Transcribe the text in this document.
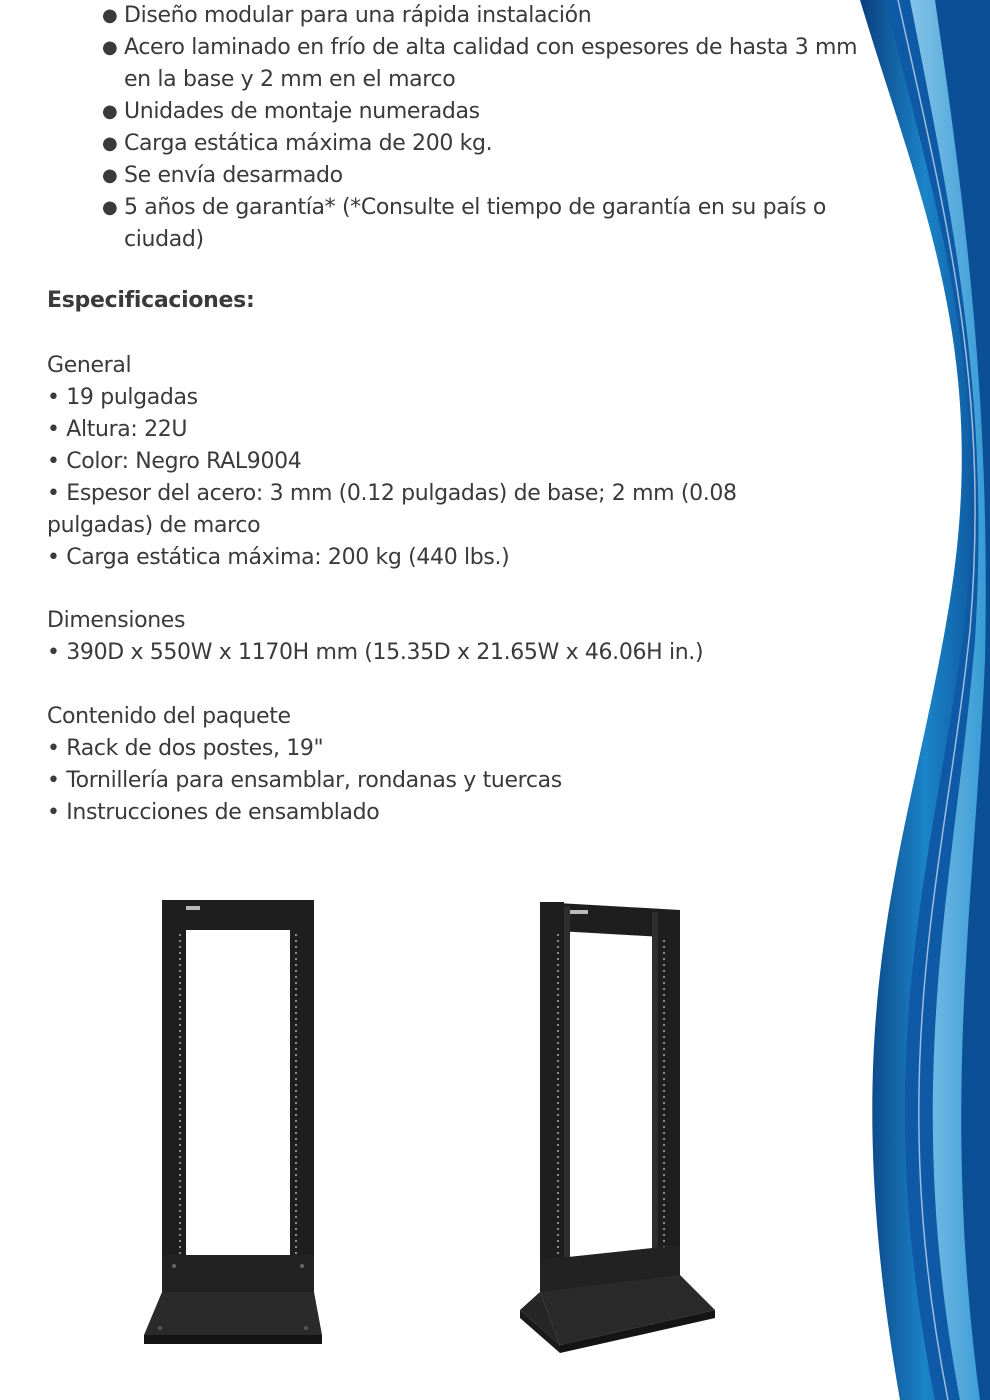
● Diseño modular para una rápida instalación
● Acero laminado en frío de alta calidad con espesores de hasta 3 mm en la base y 2 mm en el marco
● Unidades de montaje numeradas
● Carga estática máxima de 200 kg.
● Se envía desarmado
● 5 años de garantía* (*Consulte el tiempo de garantía en su país o ciudad)
Especificaciones:
General
• 19 pulgadas
• Altura: 22U
• Color: Negro RAL9004
• Espesor del acero: 3 mm (0.12 pulgadas) de base; 2 mm (0.08 pulgadas) de marco
• Carga estática máxima: 200 kg (440 lbs.)
Dimensiones
• 390D x 550W x 1170H mm (15.35D x 21.65W x 46.06H in.)
Contenido del paquete
• Rack de dos postes, 19"
• Tornillería para ensamblar, rondanas y tuercas
• Instrucciones de ensamblado
